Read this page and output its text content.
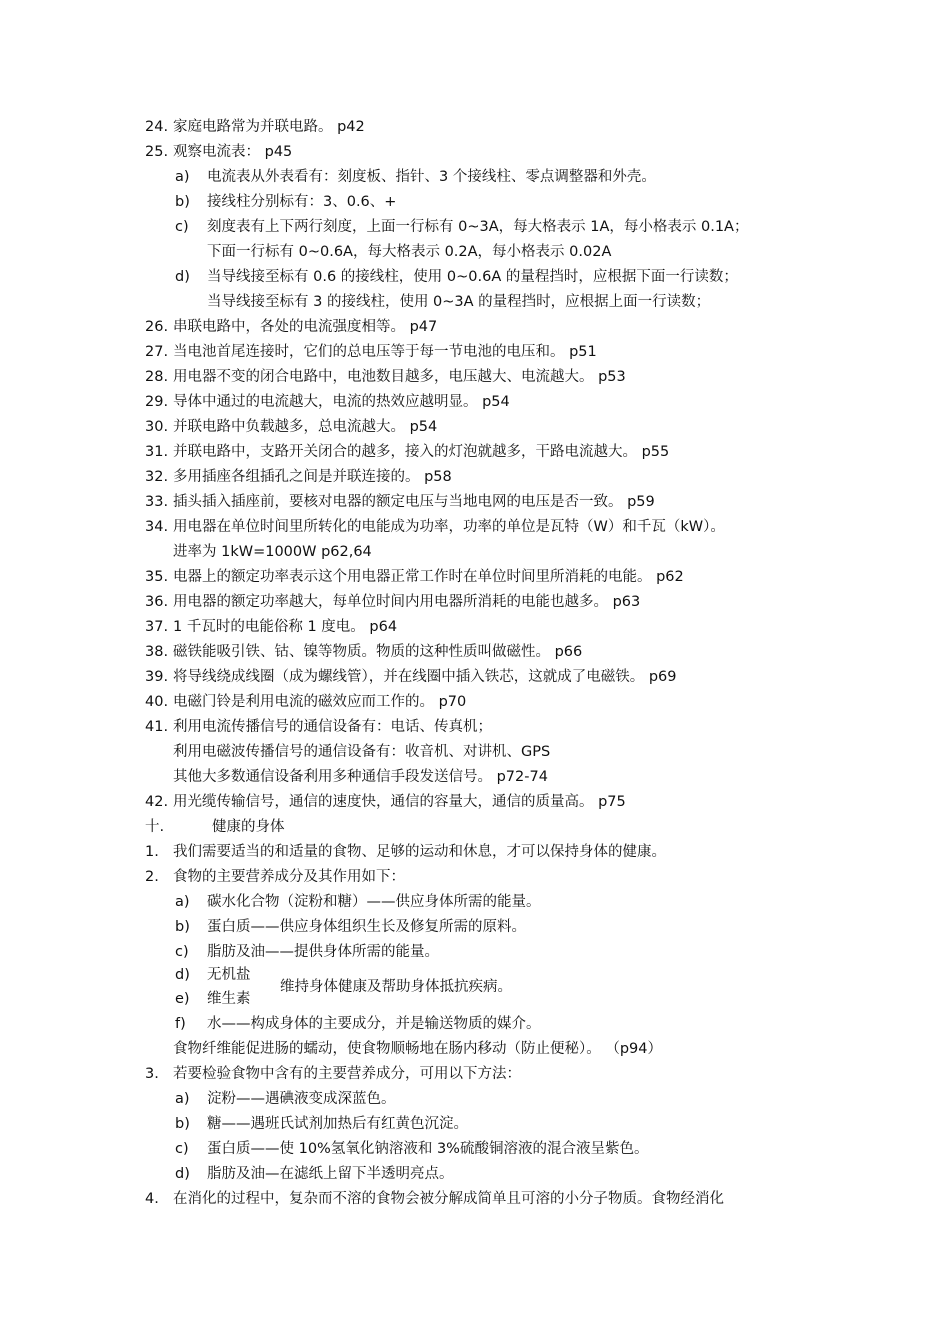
24. 家庭电路常为并联电路。 p42
25. 观察电流表： p45
a) 电流表从外表看有：刻度板、指针、3 个接线柱、零点调整器和外壳。
b) 接线柱分别标有：3、0.6、+
c) 刻度表有上下两行刻度，上面一行标有 0~3A，每大格表示 1A，每小格表示 0.1A；
下面一行标有 0~0.6A，每大格表示 0.2A，每小格表示 0.02A
d) 当导线接至标有 0.6 的接线柱，使用 0~0.6A 的量程挡时，应根据下面一行读数；
当导线接至标有 3 的接线柱，使用 0~3A 的量程挡时，应根据上面一行读数；
26. 串联电路中，各处的电流强度相等。 p47
27. 当电池首尾连接时，它们的总电压等于每一节电池的电压和。 p51
28. 用电器不变的闭合电路中，电池数目越多，电压越大、电流越大。 p53
29. 导体中通过的电流越大，电流的热效应越明显。 p54
30. 并联电路中负载越多，总电流越大。 p54
31. 并联电路中，支路开关闭合的越多，接入的灯泡就越多，干路电流越大。 p55
32. 多用插座各组插孔之间是并联连接的。 p58
33. 插头插入插座前，要核对电器的额定电压与当地电网的电压是否一致。 p59
34. 用电器在单位时间里所转化的电能成为功率，功率的单位是瓦特（W）和千瓦（kW）。
进率为 1kW=1000W p62,64
35. 电器上的额定功率表示这个用电器正常工作时在单位时间里所消耗的电能。 p62
36. 用电器的额定功率越大，每单位时间内用电器所消耗的电能也越多。 p63
37. 1 千瓦时的电能俗称 1 度电。 p64
38. 磁铁能吸引铁、钴、镍等物质。物质的这种性质叫做磁性。 p66
39. 将导线绕成线圈（成为螺线管），并在线圈中插入铁芯，这就成了电磁铁。 p69
40. 电磁门铃是利用电流的磁效应而工作的。 p70
41. 利用电流传播信号的通信设备有：电话、传真机；
利用电磁波传播信号的通信设备有：收音机、对讲机、GPS
其他大多数通信设备利用多种通信手段发送信号。 p72-74
42. 用光缆传输信号，通信的速度快，通信的容量大，通信的质量高。 p75
十.	健康的身体
1. 我们需要适当的和适量的食物、足够的运动和休息，才可以保持身体的健康。
2. 食物的主要营养成分及其作用如下：
a) 碳水化合物（淀粉和糖）——供应身体所需的能量。
b) 蛋白质——供应身体组织生长及修复所需的原料。
c) 脂肪及油——提供身体所需的能量。
d) 无机盐
e) 维生素
维持身体健康及帮助身体抵抗疾病。
f) 水——构成身体的主要成分，并是输送物质的媒介。
食物纤维能促进肠的蠕动，使食物顺畅地在肠内移动（防止便秘）。 （p94）
3. 若要检验食物中含有的主要营养成分，可用以下方法：
a) 淀粉——遇碘液变成深蓝色。
b) 糖——遇班氏试剂加热后有红黄色沉淀。
c) 蛋白质——使 10%氢氧化钠溶液和 3%硫酸铜溶液的混合液呈紫色。
d) 脂肪及油—在滤纸上留下半透明亮点。
4. 在消化的过程中，复杂而不溶的食物会被分解成简单且可溶的小分子物质。食物经消化
